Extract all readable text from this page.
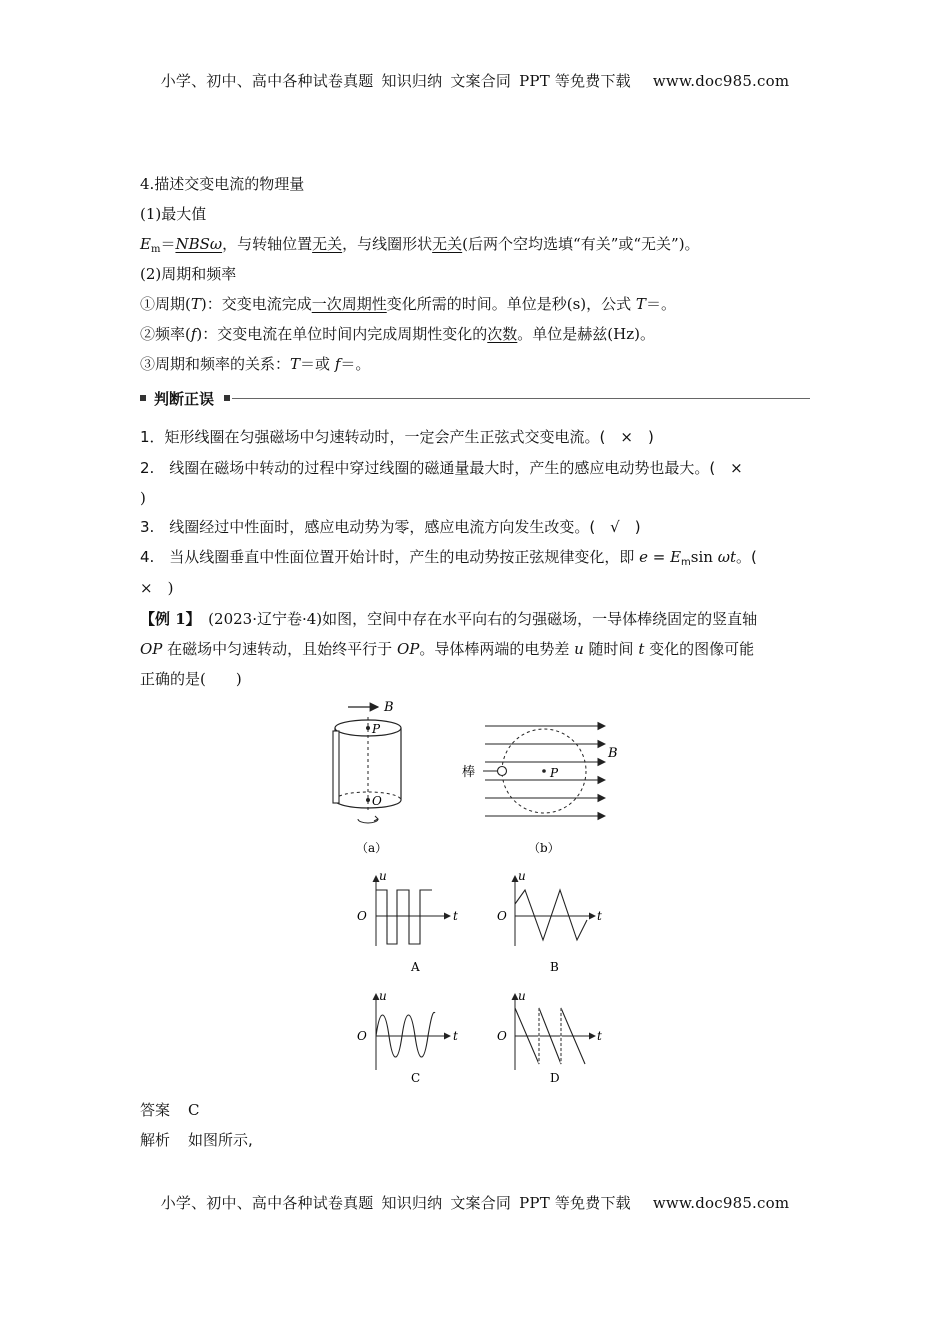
小学、初中、高中各种试卷真题 知识归纳 文案合同 PPT 等免费下载 www.doc985.com
4.描述交变电流的物理量
(1)最大值
$E_m=NBS\omega$，与转轴位置无关，与线圈形状无关(后两个空均选填“有关”或“无关”)。
(2)周期和频率
①周期(T)：交变电流完成一次周期性变化所需的时间。单位是秒(s)，公式 T＝。
②频率(f)：交变电流在单位时间内完成周期性变化的次数。单位是赫兹(Hz)。
③周期和频率的关系：T＝或 f＝。
判断正误
1．矩形线圈在匀强磁场中匀速转动时，一定会产生正弦式交变电流。(　×　)
2.　线圈在磁场中转动的过程中穿过线圈的磁通量最大时，产生的感应电动势也最大。(　×
)
3.　线圈经过中性面时，感应电动势为零，感应电流方向发生改变。(　√　)
4.　当从线圈垂直中性面位置开始计时，产生的电动势按正弦规律变化，即 $e = E_m\sin$ ωt。(
×　)
【例 1】　(2023·辽宁卷·4)如图，空间中存在水平向右的匀强磁场，一导体棒绕固定的竖直轴
OP 在磁场中匀速转动，且始终平行于 OP。导体棒两端的电势差 u 随时间 t 变化的图像可能
正确的是(　　)
B
P
O
（a）
P
B
棒
（b）
u
t
O
A
u
t
O
B
u
t
O
C
u
t
O
D
答案 C
解析 如图所示,
小学、初中、高中各种试卷真题 知识归纳 文案合同 PPT 等免费下载 www.doc985.com
